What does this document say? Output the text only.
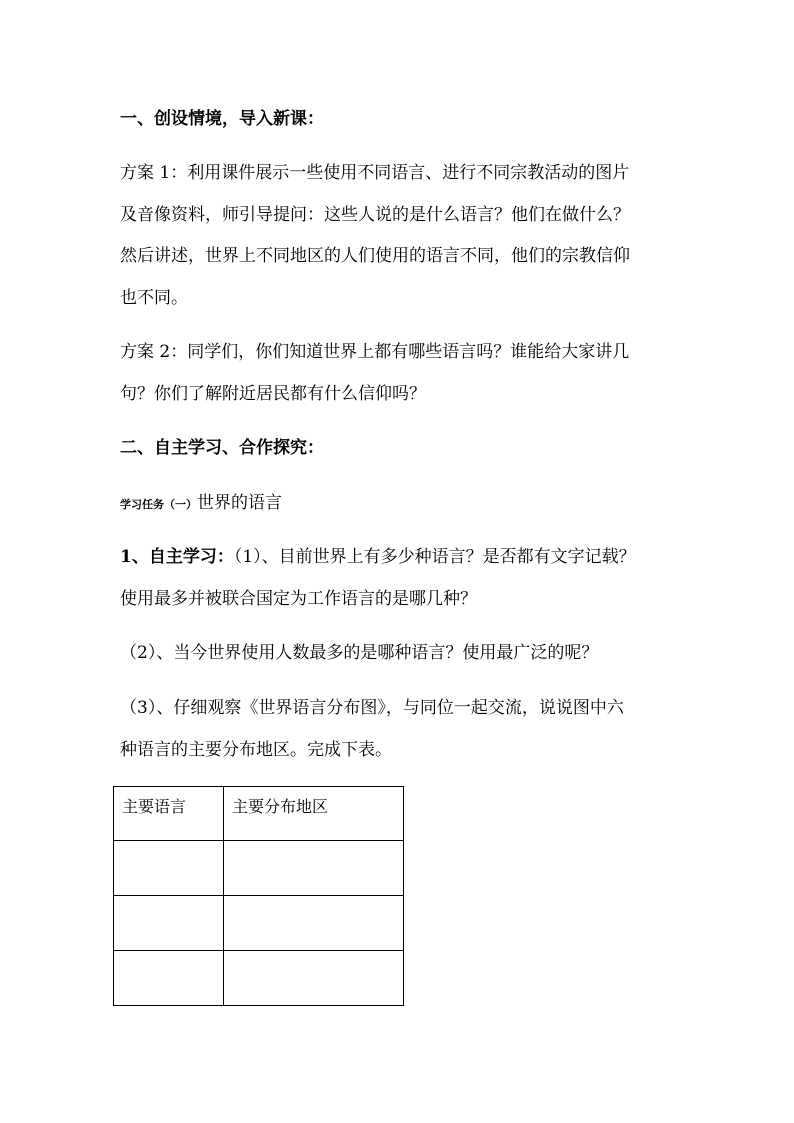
一、创设情境，导入新课：
方案 1：利用课件展示一些使用不同语言、进行不同宗教活动的图片
及音像资料，师引导提问：这些人说的是什么语言？他们在做什么？
然后讲述，世界上不同地区的人们使用的语言不同，他们的宗教信仰
也不同。
方案 2：同学们，你们知道世界上都有哪些语言吗？谁能给大家讲几
句？你们了解附近居民都有什么信仰吗？
二、自主学习、合作探究：
学习任务（一）世界的语言
1、自主学习：（1）、目前世界上有多少种语言？是否都有文字记载？
使用最多并被联合国定为工作语言的是哪几种？
（2）、当今世界使用人数最多的是哪种语言？使用最广泛的呢？
（3）、仔细观察《世界语言分布图》，与同位一起交流，说说图中六
种语言的主要分布地区。完成下表。
主要语言	主要分布地区
